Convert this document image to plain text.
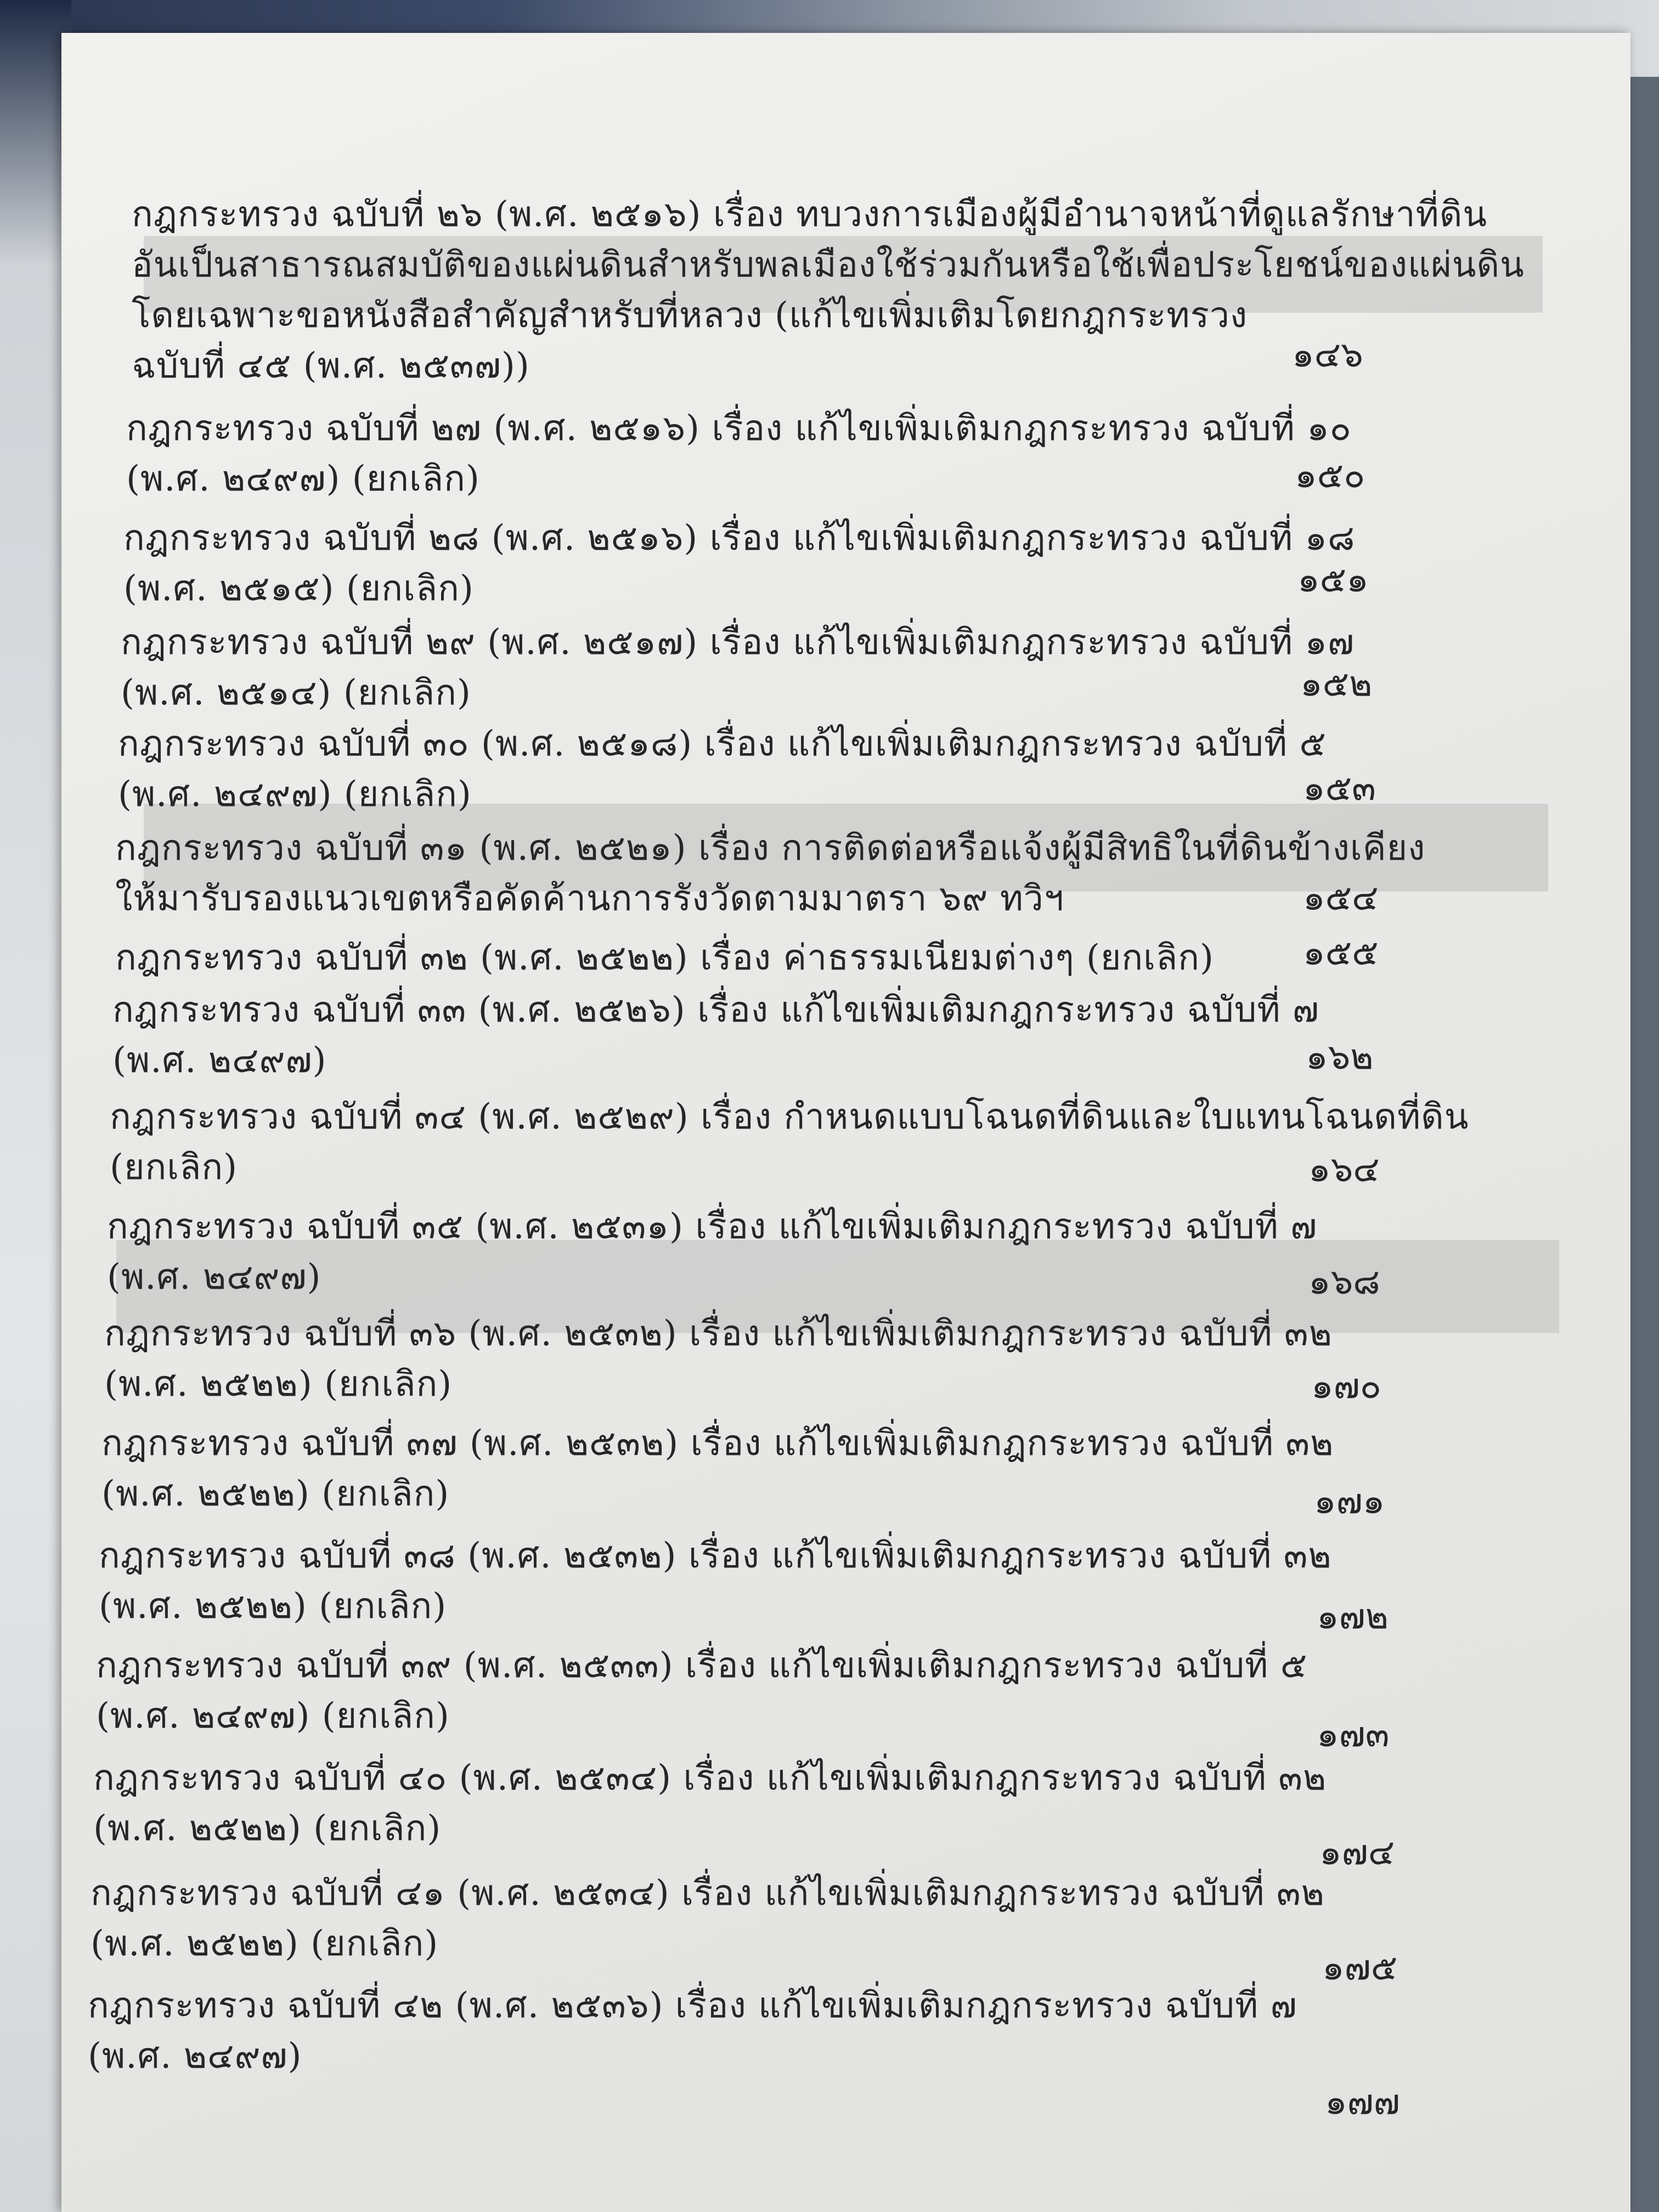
กฎกระทรวง ฉบับที่ ๒๖ (พ.ศ. ๒๕๑๖) เรื่อง ทบวงการเมืองผู้มีอำนาจหน้าที่ดูแลรักษาที่ดิน
อันเป็นสาธารณสมบัติของแผ่นดินสำหรับพลเมืองใช้ร่วมกันหรือใช้เพื่อประโยชน์ของแผ่นดิน
โดยเฉพาะขอหนังสือสำคัญสำหรับที่หลวง (แก้ไขเพิ่มเติมโดยกฎกระทรวง
ฉบับที่ ๔๕ (พ.ศ. ๒๕๓๗))	๑๔๖
กฎกระทรวง ฉบับที่ ๒๗ (พ.ศ. ๒๕๑๖) เรื่อง แก้ไขเพิ่มเติมกฎกระทรวง ฉบับที่ ๑๐
(พ.ศ. ๒๔๙๗) (ยกเลิก)	๑๕๐
กฎกระทรวง ฉบับที่ ๒๘ (พ.ศ. ๒๕๑๖) เรื่อง แก้ไขเพิ่มเติมกฎกระทรวง ฉบับที่ ๑๘
(พ.ศ. ๒๕๑๕) (ยกเลิก)	๑๕๑
กฎกระทรวง ฉบับที่ ๒๙ (พ.ศ. ๒๕๑๗) เรื่อง แก้ไขเพิ่มเติมกฎกระทรวง ฉบับที่ ๑๗
(พ.ศ. ๒๕๑๔) (ยกเลิก)	๑๕๒
กฎกระทรวง ฉบับที่ ๓๐ (พ.ศ. ๒๕๑๘) เรื่อง แก้ไขเพิ่มเติมกฎกระทรวง ฉบับที่ ๕
(พ.ศ. ๒๔๙๗) (ยกเลิก)	๑๕๓
กฎกระทรวง ฉบับที่ ๓๑ (พ.ศ. ๒๕๒๑) เรื่อง การติดต่อหรือแจ้งผู้มีสิทธิในที่ดินข้างเคียง
ให้มารับรองแนวเขตหรือคัดค้านการรังวัดตามมาตรา ๖๙ ทวิฯ	๑๕๔
กฎกระทรวง ฉบับที่ ๓๒ (พ.ศ. ๒๕๒๒) เรื่อง ค่าธรรมเนียมต่างๆ (ยกเลิก)	๑๕๕
กฎกระทรวง ฉบับที่ ๓๓ (พ.ศ. ๒๕๒๖) เรื่อง แก้ไขเพิ่มเติมกฎกระทรวง ฉบับที่ ๗
(พ.ศ. ๒๔๙๗)	๑๖๒
กฎกระทรวง ฉบับที่ ๓๔ (พ.ศ. ๒๕๒๙) เรื่อง กำหนดแบบโฉนดที่ดินและใบแทนโฉนดที่ดิน
(ยกเลิก)	๑๖๔
กฎกระทรวง ฉบับที่ ๓๕ (พ.ศ. ๒๕๓๑) เรื่อง แก้ไขเพิ่มเติมกฎกระทรวง ฉบับที่ ๗
(พ.ศ. ๒๔๙๗)	๑๖๘
กฎกระทรวง ฉบับที่ ๓๖ (พ.ศ. ๒๕๓๒) เรื่อง แก้ไขเพิ่มเติมกฎกระทรวง ฉบับที่ ๓๒
(พ.ศ. ๒๕๒๒) (ยกเลิก)	๑๗๐
กฎกระทรวง ฉบับที่ ๓๗ (พ.ศ. ๒๕๓๒) เรื่อง แก้ไขเพิ่มเติมกฎกระทรวง ฉบับที่ ๓๒
(พ.ศ. ๒๕๒๒) (ยกเลิก)	๑๗๑
กฎกระทรวง ฉบับที่ ๓๘ (พ.ศ. ๒๕๓๒) เรื่อง แก้ไขเพิ่มเติมกฎกระทรวง ฉบับที่ ๓๒
(พ.ศ. ๒๕๒๒) (ยกเลิก)	๑๗๒
กฎกระทรวง ฉบับที่ ๓๙ (พ.ศ. ๒๕๓๓) เรื่อง แก้ไขเพิ่มเติมกฎกระทรวง ฉบับที่ ๕
(พ.ศ. ๒๔๙๗) (ยกเลิก)	๑๗๓
กฎกระทรวง ฉบับที่ ๔๐ (พ.ศ. ๒๕๓๔) เรื่อง แก้ไขเพิ่มเติมกฎกระทรวง ฉบับที่ ๓๒
(พ.ศ. ๒๕๒๒) (ยกเลิก)
๑๗๔
กฎกระทรวง ฉบับที่ ๔๑ (พ.ศ. ๒๕๓๔) เรื่อง แก้ไขเพิ่มเติมกฎกระทรวง ฉบับที่ ๓๒
(พ.ศ. ๒๕๒๒) (ยกเลิก)
๑๗๕
กฎกระทรวง ฉบับที่ ๔๒ (พ.ศ. ๒๕๓๖) เรื่อง แก้ไขเพิ่มเติมกฎกระทรวง ฉบับที่ ๗
(พ.ศ. ๒๔๙๗)
๑๗๗
